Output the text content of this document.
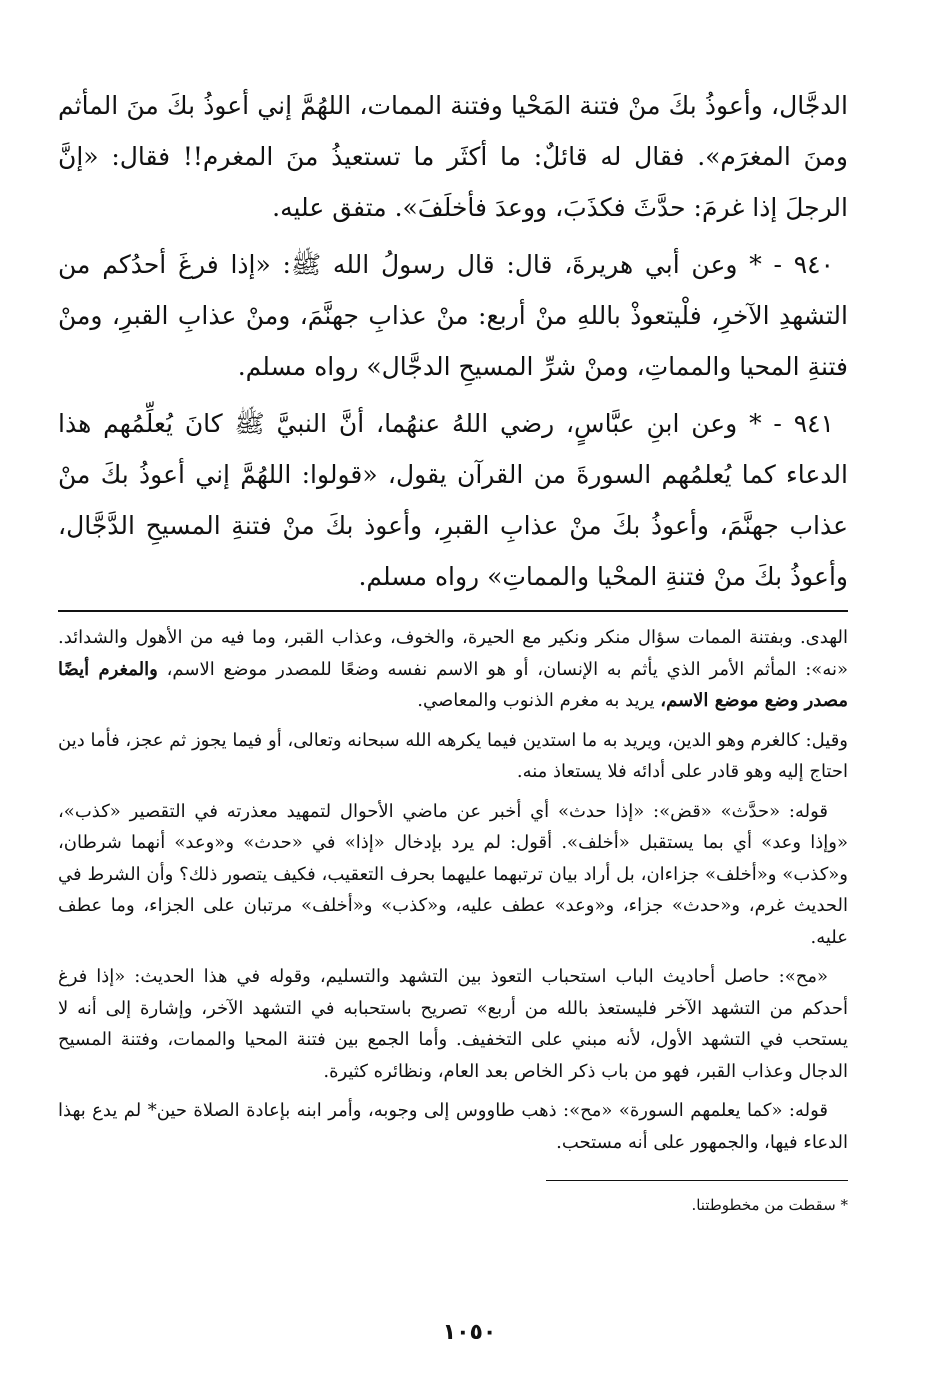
الدجَّال، وأعوذُ بكَ منْ فتنة المَحْيا وفتنة الممات، اللهُمَّ إني أعوذُ بكَ منَ المأثم ومنَ المغرَم». فقال له قائلٌ: ما أكثَر ما تستعيذُ منَ المغرم!! فقال: «إنَّ الرجلَ إذا غرمَ: حدَّثَ فكذَبَ، ووعدَ فأخلَفَ». متفق عليه.

٩٤٠ - * وعن أبي هريرةَ، قال: قال رسولُ الله ﷺ: «إذا فرغَ أحدُكم من التشهدِ الآخرِ، فلْيتعوذْ باللهِ منْ أربع: منْ عذابِ جهنَّمَ، ومنْ عذابِ القبرِ، ومنْ فتنةِ المحيا والمماتِ، ومنْ شرِّ المسيحِ الدجَّال» رواه مسلم.

٩٤١ - * وعن ابنِ عبَّاسٍ، رضي اللهُ عنهُما، أنَّ النبيَّ ﷺ كانَ يُعلِّمُهم هذا الدعاء كما يُعلمُهم السورةَ من القرآن يقول، «قولوا: اللهُمَّ إني أعوذُ بكَ منْ عذاب جهنَّمَ، وأعوذُ بكَ منْ عذابِ القبرِ، وأعوذ بكَ منْ فتنةِ المسيحِ الدَّجَّال، وأعوذُ بكَ منْ فتنةِ المحْيا والمماتِ» رواه مسلم.

الهدى. وبفتنة الممات سؤال منكر ونكير مع الحيرة، والخوف، وعذاب القبر، وما فيه من الأهول والشدائد. «نه»: المأثم الأمر الذي يأثم به الإنسان، أو هو الاسم نفسه وضعًا للمصدر موضع الاسم، والمغرم أيضًا مصدر وضع موضع الاسم، يريد به مغرم الذنوب والمعاصي.

وقيل: كالغرم وهو الدين، ويريد به ما استدين فيما يكرهه الله سبحانه وتعالى، أو فيما يجوز ثم عجز، فأما دين احتاج إليه وهو قادر على أدائه فلا يستعاذ منه.

قوله: «حدَّث» «قض»: «إذا حدث» أي أخبر عن ماضي الأحوال لتمهيد معذرته في التقصير «كذب»، «وإذا وعد» أي بما يستقبل «أخلف». أقول: لم يرد بإدخال «إذا» في «حدث» و«وعد» أنهما شرطان، و«كذب» و«أخلف» جزاءان، بل أراد بيان ترتبهما عليهما بحرف التعقيب، فكيف يتصور ذلك؟ وأن الشرط في الحديث غرم، و«حدث» جزاء، و«وعد» عطف عليه، و«كذب» و«أخلف» مرتبان على الجزاء، وما عطف عليه.

«مح»: حاصل أحاديث الباب استحباب التعوذ بين التشهد والتسليم، وقوله في هذا الحديث: «إذا فرغ أحدكم من التشهد الآخر فليستعذ بالله من أربع» تصريح باستحبابه في التشهد الآخر، وإشارة إلى أنه لا يستحب في التشهد الأول، لأنه مبني على التخفيف. وأما الجمع بين فتنة المحيا والممات، وفتنة المسيح الدجال وعذاب القبر، فهو من باب ذكر الخاص بعد العام، ونظائره كثيرة.

قوله: «كما يعلمهم السورة» «مح»: ذهب طاووس إلى وجوبه، وأمر ابنه بإعادة الصلاة حين* لم يدع بهذا الدعاء فيها، والجمهور على أنه مستحب.

* سقطت من مخطوطتنا.

١٠٥٠
